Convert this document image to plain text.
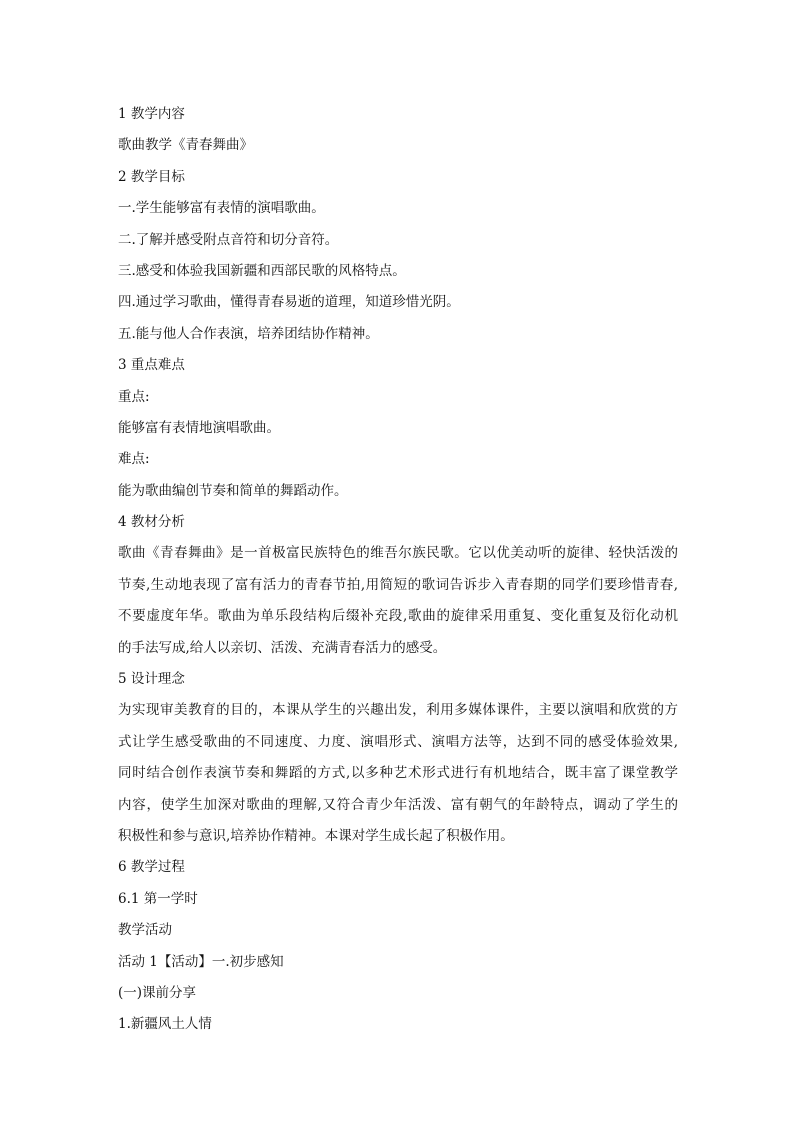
1 教学内容
歌曲教学《青春舞曲》
2 教学目标
一.学生能够富有表情的演唱歌曲。
二.了解并感受附点音符和切分音符。
三.感受和体验我国新疆和西部民歌的风格特点。
四.通过学习歌曲，懂得青春易逝的道理，知道珍惜光阴。
五.能与他人合作表演，培养团结协作精神。
3 重点难点
重点:
能够富有表情地演唱歌曲。
难点:
能为歌曲编创节奏和简单的舞蹈动作。
4 教材分析
歌曲《青春舞曲》是一首极富民族特色的维吾尔族民歌。它以优美动听的旋律、轻快活泼的
节奏,生动地表现了富有活力的青春节拍,用简短的歌词告诉步入青春期的同学们要珍惜青春,
不要虚度年华。歌曲为单乐段结构后缀补充段,歌曲的旋律采用重复、变化重复及衍化动机
的手法写成,给人以亲切、活泼、充满青春活力的感受。
5 设计理念
为实现审美教育的目的，本课从学生的兴趣出发，利用多媒体课件，主要以演唱和欣赏的方
式让学生感受歌曲的不同速度、力度、演唱形式、演唱方法等，达到不同的感受体验效果,
同时结合创作表演节奏和舞蹈的方式,以多种艺术形式进行有机地结合，既丰富了课堂教学
内容，使学生加深对歌曲的理解,又符合青少年活泼、富有朝气的年龄特点，调动了学生的
积极性和参与意识,培养协作精神。本课对学生成长起了积极作用。
6 教学过程
6.1 第一学时
教学活动
活动 1【活动】一.初步感知
(一)课前分享
1.新疆风土人情
